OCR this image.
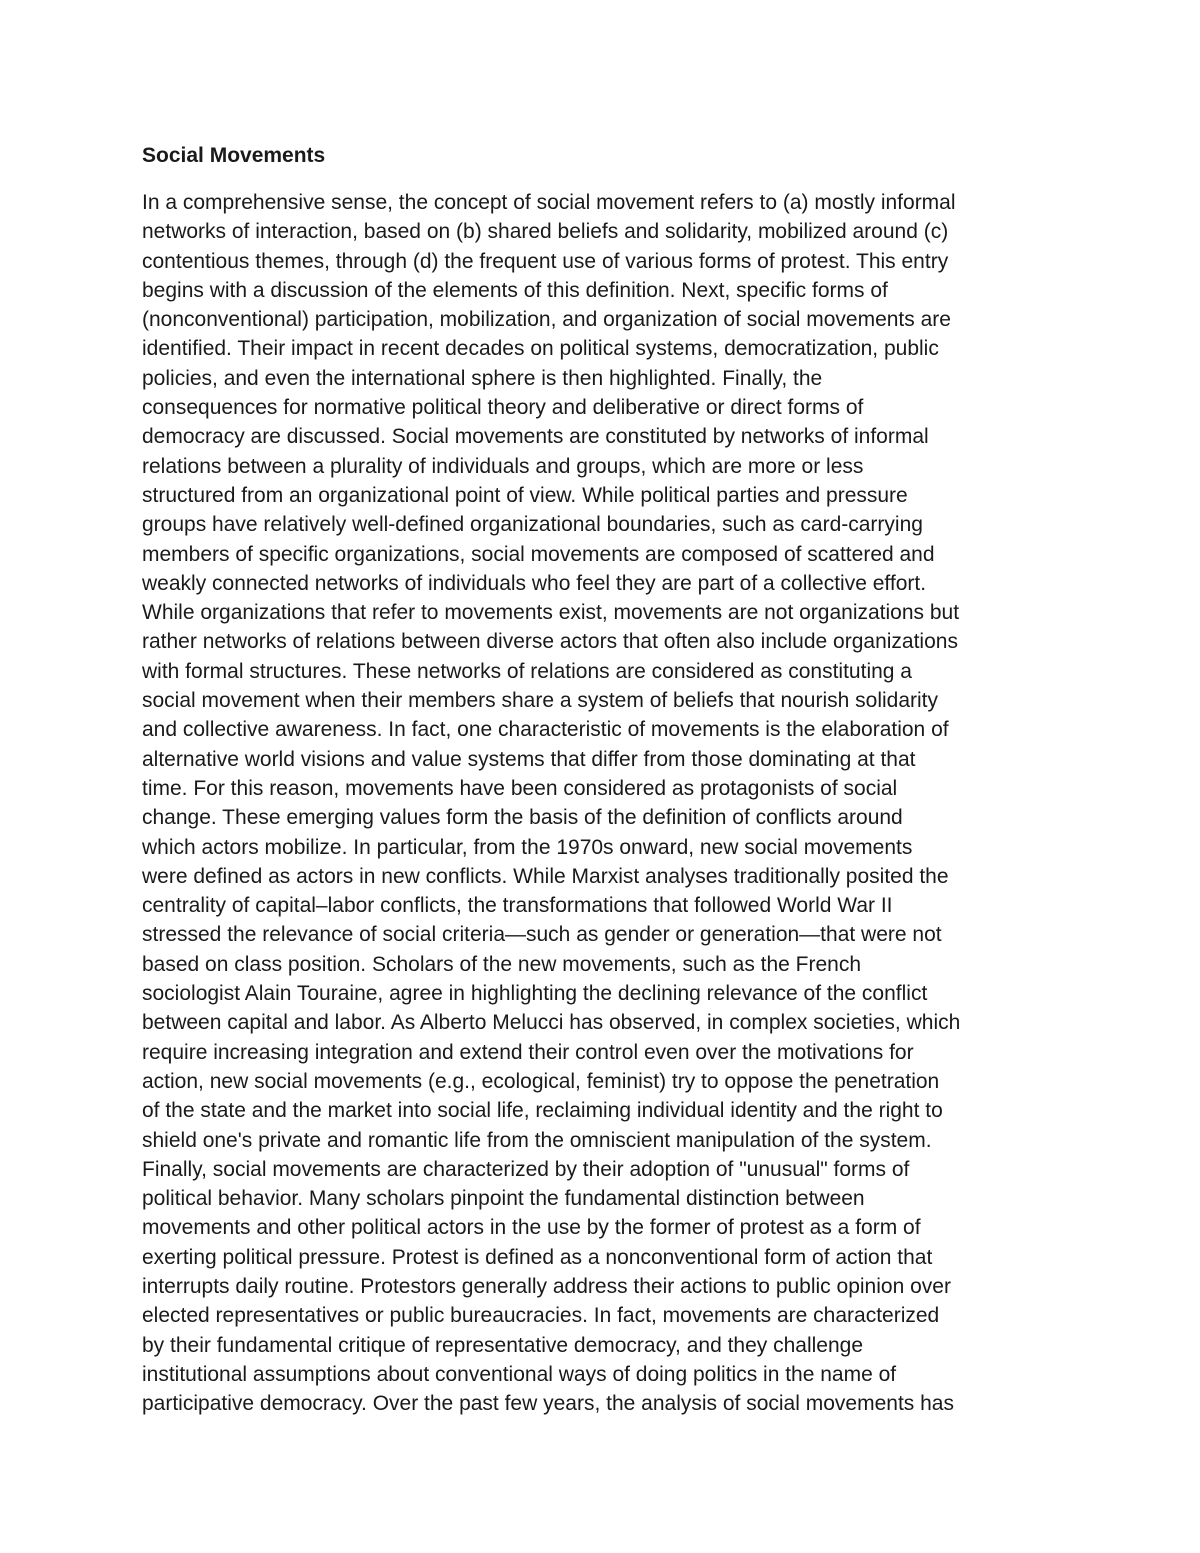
Social Movements
In a comprehensive sense, the concept of social movement refers to (a) mostly informal
networks of interaction, based on (b) shared beliefs and solidarity, mobilized around (c)
contentious themes, through (d) the frequent use of various forms of protest. This entry
begins with a discussion of the elements of this definition. Next, specific forms of
(nonconventional) participation, mobilization, and organization of social movements are
identified. Their impact in recent decades on political systems, democratization, public
policies, and even the international sphere is then highlighted. Finally, the
consequences for normative political theory and deliberative or direct forms of
democracy are discussed. Social movements are constituted by networks of informal
relations between a plurality of individuals and groups, which are more or less
structured from an organizational point of view. While political parties and pressure
groups have relatively well-defined organizational boundaries, such as card-carrying
members of specific organizations, social movements are composed of scattered and
weakly connected networks of individuals who feel they are part of a collective effort.
While organizations that refer to movements exist, movements are not organizations but
rather networks of relations between diverse actors that often also include organizations
with formal structures. These networks of relations are considered as constituting a
social movement when their members share a system of beliefs that nourish solidarity
and collective awareness. In fact, one characteristic of movements is the elaboration of
alternative world visions and value systems that differ from those dominating at that
time. For this reason, movements have been considered as protagonists of social
change. These emerging values form the basis of the definition of conflicts around
which actors mobilize. In particular, from the 1970s onward, new social movements
were defined as actors in new conflicts. While Marxist analyses traditionally posited the
centrality of capital–labor conflicts, the transformations that followed World War II
stressed the relevance of social criteria—such as gender or generation—that were not
based on class position. Scholars of the new movements, such as the French
sociologist Alain Touraine, agree in highlighting the declining relevance of the conflict
between capital and labor. As Alberto Melucci has observed, in complex societies, which
require increasing integration and extend their control even over the motivations for
action, new social movements (e.g., ecological, feminist) try to oppose the penetration
of the state and the market into social life, reclaiming individual identity and the right to
shield one's private and romantic life from the omniscient manipulation of the system.
Finally, social movements are characterized by their adoption of "unusual" forms of
political behavior. Many scholars pinpoint the fundamental distinction between
movements and other political actors in the use by the former of protest as a form of
exerting political pressure. Protest is defined as a nonconventional form of action that
interrupts daily routine. Protestors generally address their actions to public opinion over
elected representatives or public bureaucracies. In fact, movements are characterized
by their fundamental critique of representative democracy, and they challenge
institutional assumptions about conventional ways of doing politics in the name of
participative democracy. Over the past few years, the analysis of social movements has
